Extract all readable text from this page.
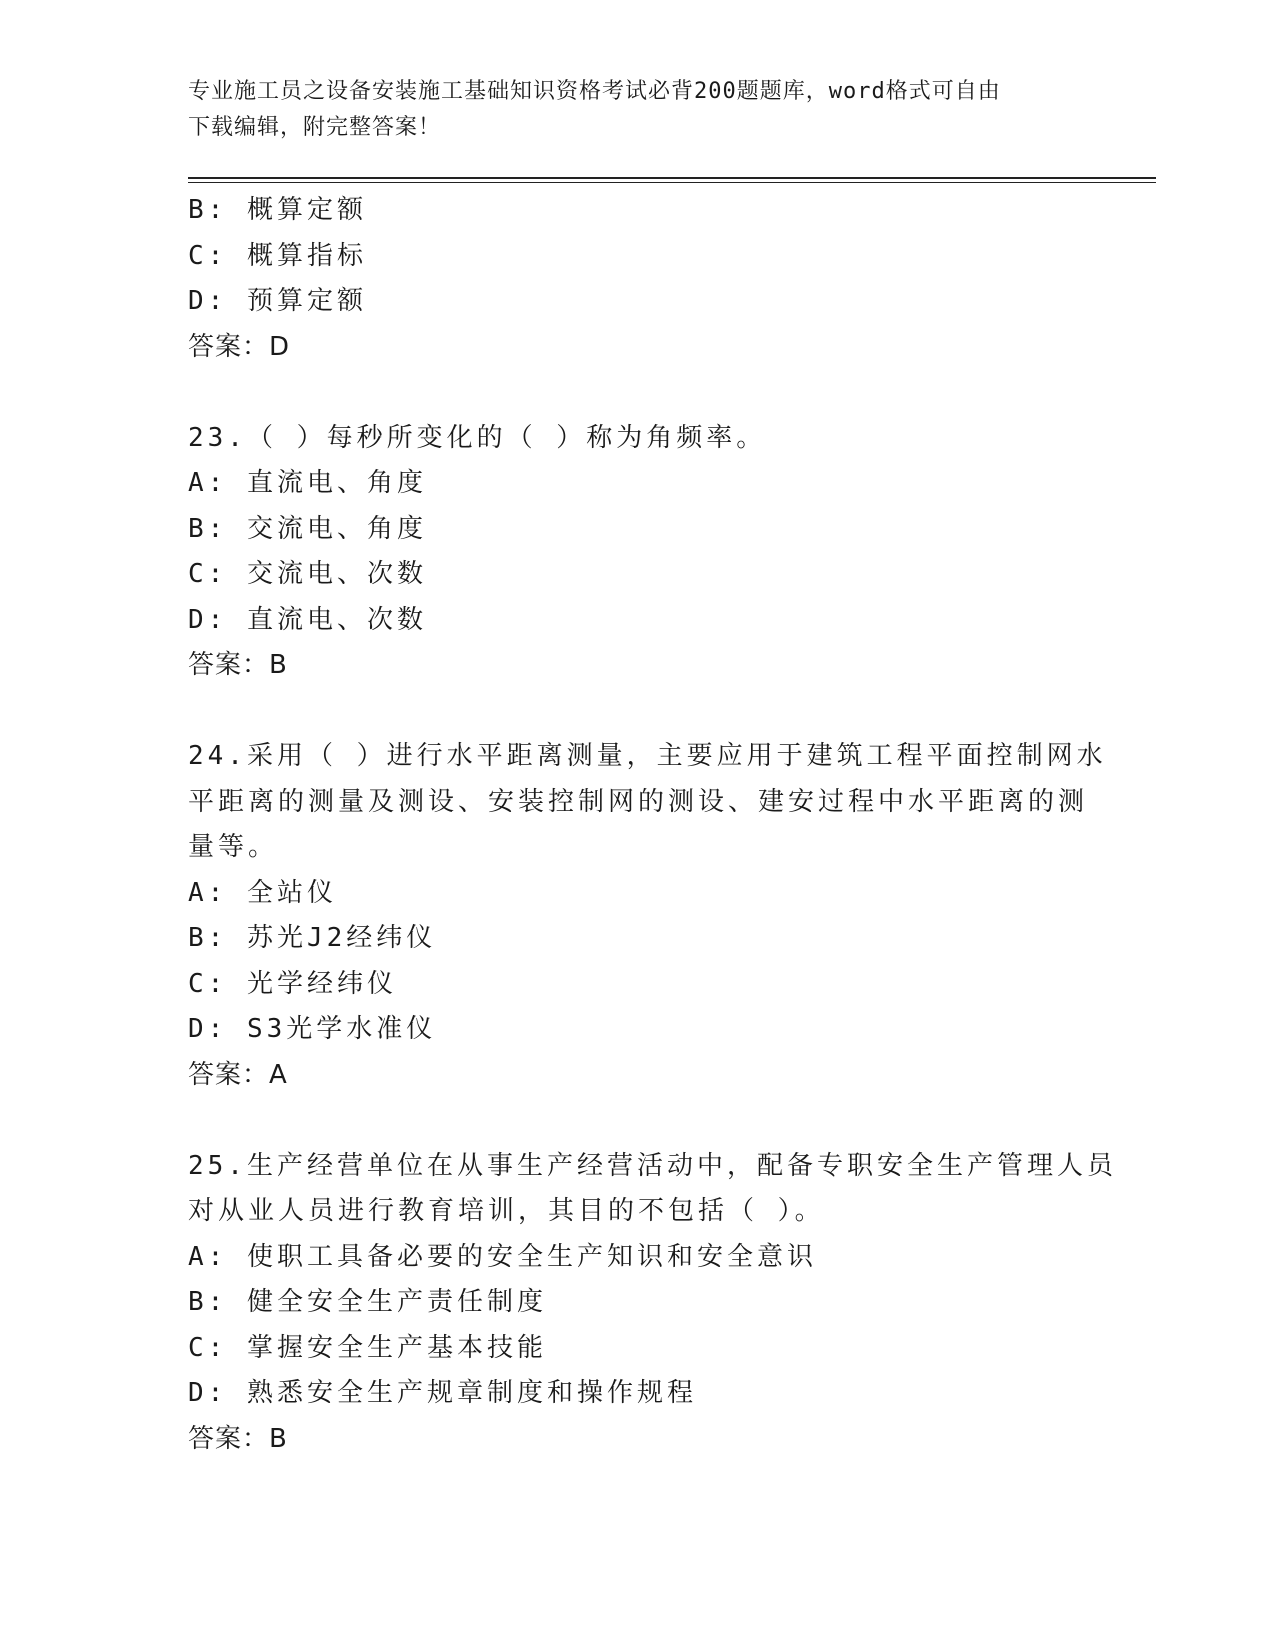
专业施工员之设备安装施工基础知识资格考试必背200题题库，word格式可自由
下载编辑，附完整答案！
B: 概算定额
C: 概算指标
D: 预算定额
答案：D
23.（ ）每秒所变化的（ ）称为角频率。
A: 直流电、角度
B: 交流电、角度
C: 交流电、次数
D: 直流电、次数
答案：B
24.采用（ ）进行水平距离测量，主要应用于建筑工程平面控制网水
平距离的测量及测设、安装控制网的测设、建安过程中水平距离的测
量等。
A: 全站仪
B: 苏光J2经纬仪
C: 光学经纬仪
D: S3光学水准仪
答案：A
25.生产经营单位在从事生产经营活动中，配备专职安全生产管理人员
对从业人员进行教育培训，其目的不包括（ ）。
A: 使职工具备必要的安全生产知识和安全意识
B: 健全安全生产责任制度
C: 掌握安全生产基本技能
D: 熟悉安全生产规章制度和操作规程
答案：B
